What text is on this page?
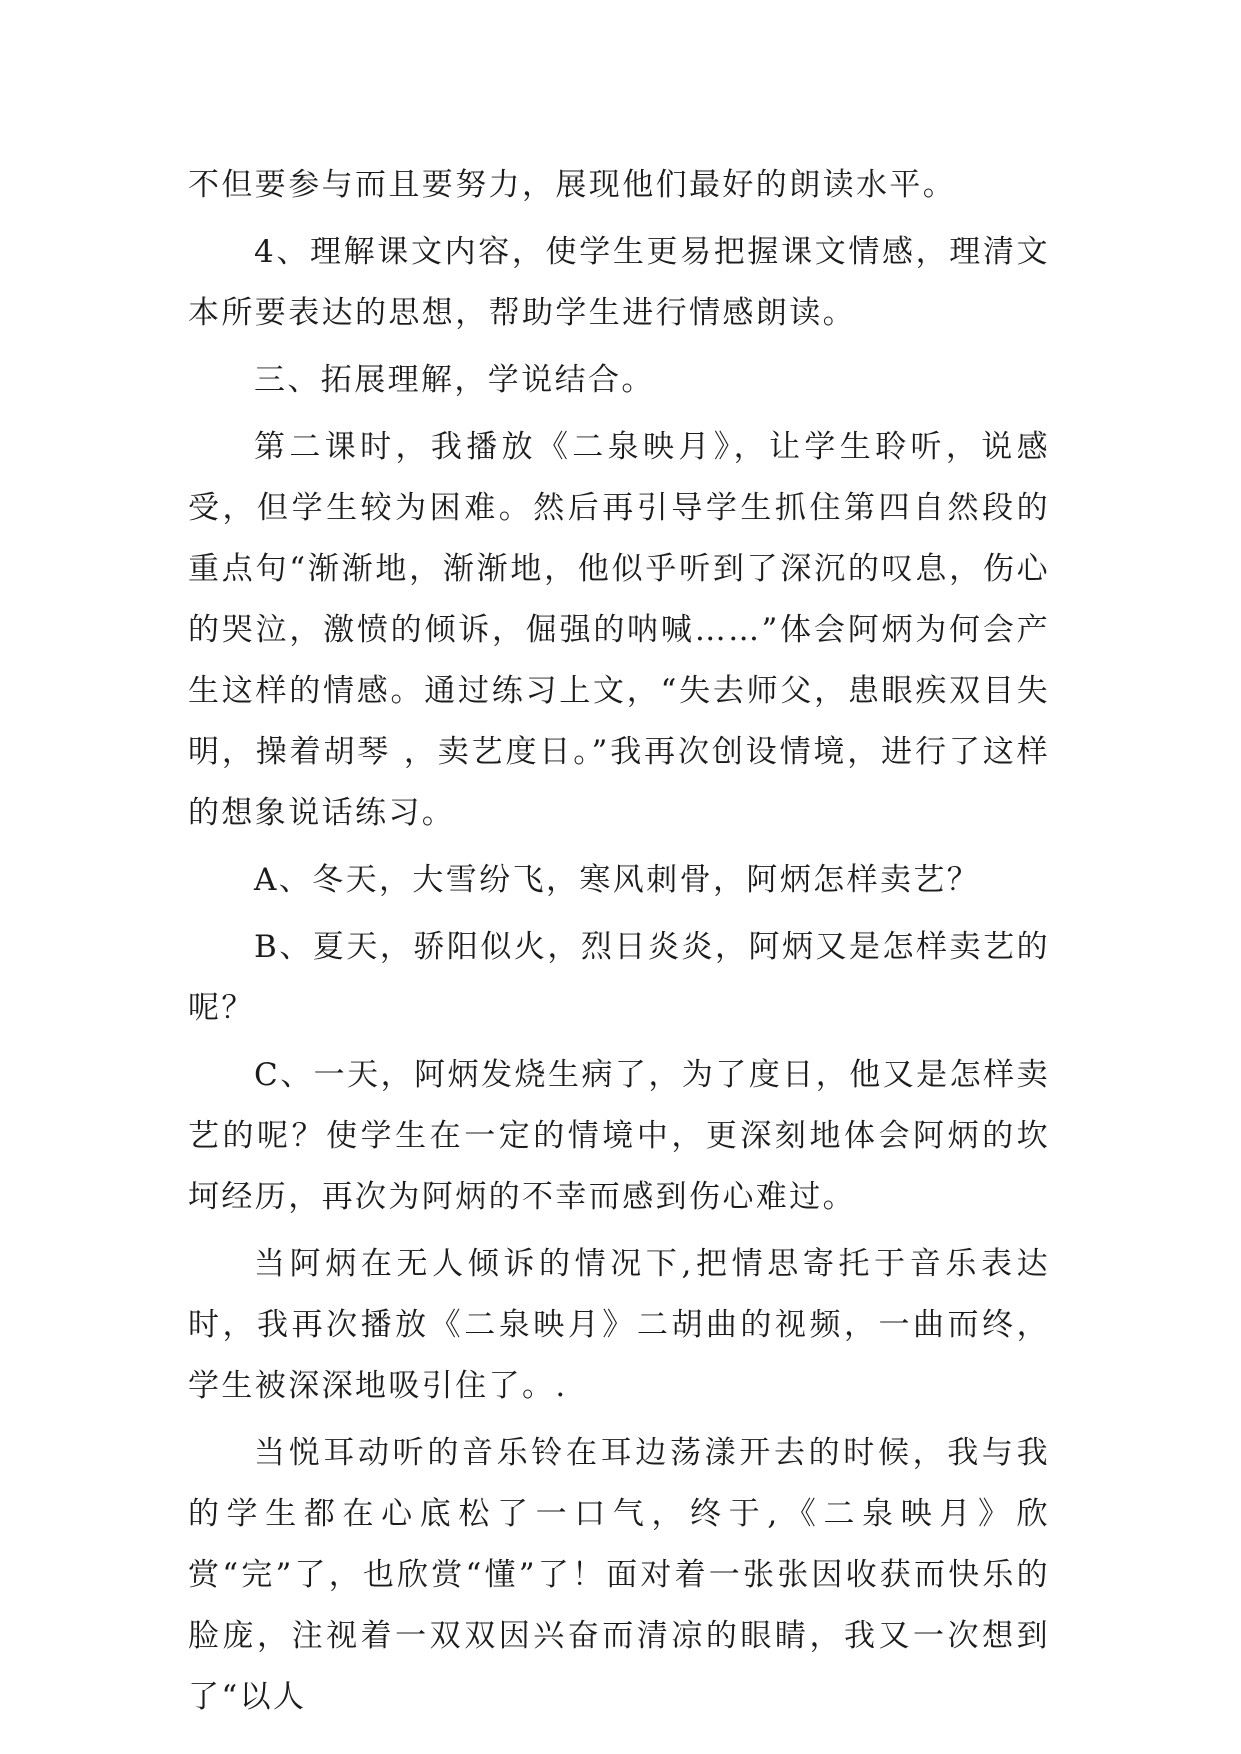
不但要参与而且要努力，展现他们最好的朗读水平。

4、理解课文内容，使学生更易把握课文情感，理清文本所要表达的思想，帮助学生进行情感朗读。

三、拓展理解，学说结合。

第二课时，我播放《二泉映月》，让学生聆听，说感受，但学生较为困难。然后再引导学生抓住第四自然段的重点句“渐渐地，渐渐地，他似乎听到了深沉的叹息，伤心的哭泣，激愤的倾诉，倔强的呐喊……”体会阿炳为何会产生这样的情感。通过练习上文，“失去师父，患眼疾双目失明，操着胡琴 ，卖艺度日。”我再次创设情境，进行了这样的想象说话练习。

A、冬天，大雪纷飞，寒风刺骨，阿炳怎样卖艺？

B、夏天，骄阳似火，烈日炎炎，阿炳又是怎样卖艺的呢？

C、一天，阿炳发烧生病了，为了度日，他又是怎样卖艺的呢？使学生在一定的情境中，更深刻地体会阿炳的坎坷经历，再次为阿炳的不幸而感到伤心难过。

当阿炳在无人倾诉的情况下,把情思寄托于音乐表达时，我再次播放《二泉映月》二胡曲的视频，一曲而终，学生被深深地吸引住了。.

当悦耳动听的音乐铃在耳边荡漾开去的时候，我与我的学生都在心底松了一口气，终于,《二泉映月》欣赏“完”了，也欣赏“懂”了！面对着一张张因收获而快乐的脸庞，注视着一双双因兴奋而清凉的眼睛，我又一次想到了“以人
